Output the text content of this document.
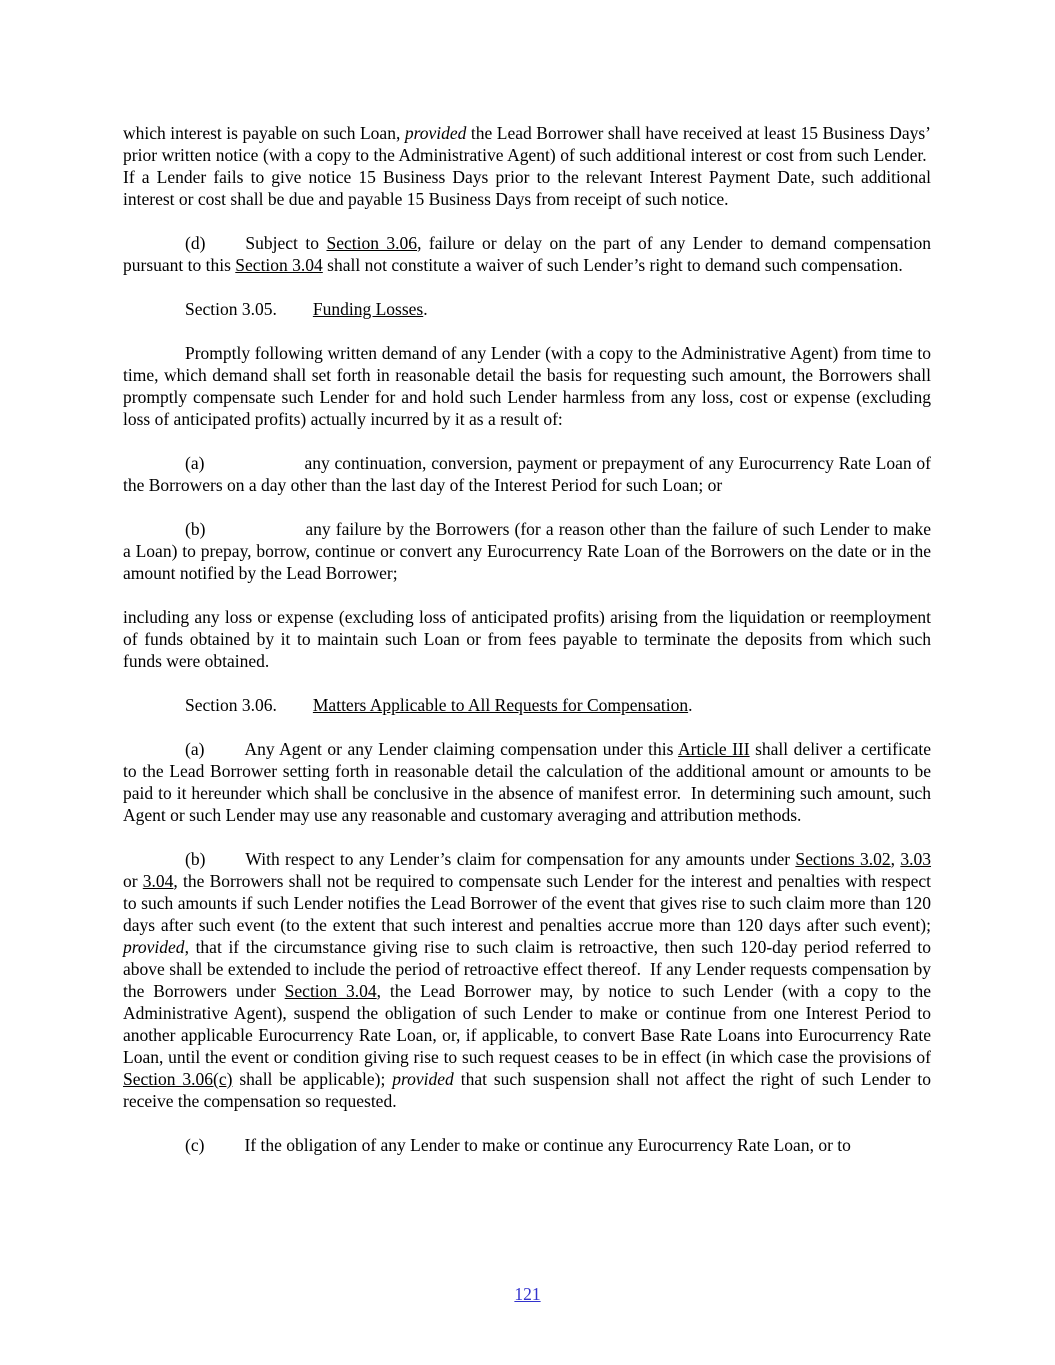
which interest is payable on such Loan, provided the Lead Borrower shall have received at least 15 Business Days’ prior written notice (with a copy to the Administrative Agent) of such additional interest or cost from such Lender.  If a Lender fails to give notice 15 Business Days prior to the relevant Interest Payment Date, such additional interest or cost shall be due and payable 15 Business Days from receipt of such notice.

(d) Subject to Section 3.06, failure or delay on the part of any Lender to demand compensation pursuant to this Section 3.04 shall not constitute a waiver of such Lender’s right to demand such compensation.

Section 3.05. Funding Losses.

Promptly following written demand of any Lender (with a copy to the Administrative Agent) from time to time, which demand shall set forth in reasonable detail the basis for requesting such amount, the Borrowers shall promptly compensate such Lender for and hold such Lender harmless from any loss, cost or expense (excluding loss of anticipated profits) actually incurred by it as a result of:

(a)	any continuation, conversion, payment or prepayment of any Eurocurrency Rate Loan of the Borrowers on a day other than the last day of the Interest Period for such Loan; or

(b)	any failure by the Borrowers (for a reason other than the failure of such Lender to make a Loan) to prepay, borrow, continue or convert any Eurocurrency Rate Loan of the Borrowers on the date or in the amount notified by the Lead Borrower;

including any loss or expense (excluding loss of anticipated profits) arising from the liquidation or reemployment of funds obtained by it to maintain such Loan or from fees payable to terminate the deposits from which such funds were obtained.

Section 3.06. Matters Applicable to All Requests for Compensation.

(a) Any Agent or any Lender claiming compensation under this Article III shall deliver a certificate to the Lead Borrower setting forth in reasonable detail the calculation of the additional amount or amounts to be paid to it hereunder which shall be conclusive in the absence of manifest error.  In determining such amount, such Agent or such Lender may use any reasonable and customary averaging and attribution methods.

(b) With respect to any Lender’s claim for compensation for any amounts under Sections 3.02, 3.03 or 3.04, the Borrowers shall not be required to compensate such Lender for the interest and penalties with respect to such amounts if such Lender notifies the Lead Borrower of the event that gives rise to such claim more than 120 days after such event (to the extent that such interest and penalties accrue more than 120 days after such event); provided, that if the circumstance giving rise to such claim is retroactive, then such 120-day period referred to above shall be extended to include the period of retroactive effect thereof.  If any Lender requests compensation by the Borrowers under Section 3.04, the Lead Borrower may, by notice to such Lender (with a copy to the Administrative Agent), suspend the obligation of such Lender to make or continue from one Interest Period to another applicable Eurocurrency Rate Loan, or, if applicable, to convert Base Rate Loans into Eurocurrency Rate Loan, until the event or condition giving rise to such request ceases to be in effect (in which case the provisions of Section 3.06(c) shall be applicable); provided that such suspension shall not affect the right of such Lender to receive the compensation so requested.

(c) If the obligation of any Lender to make or continue any Eurocurrency Rate Loan, or to

121
